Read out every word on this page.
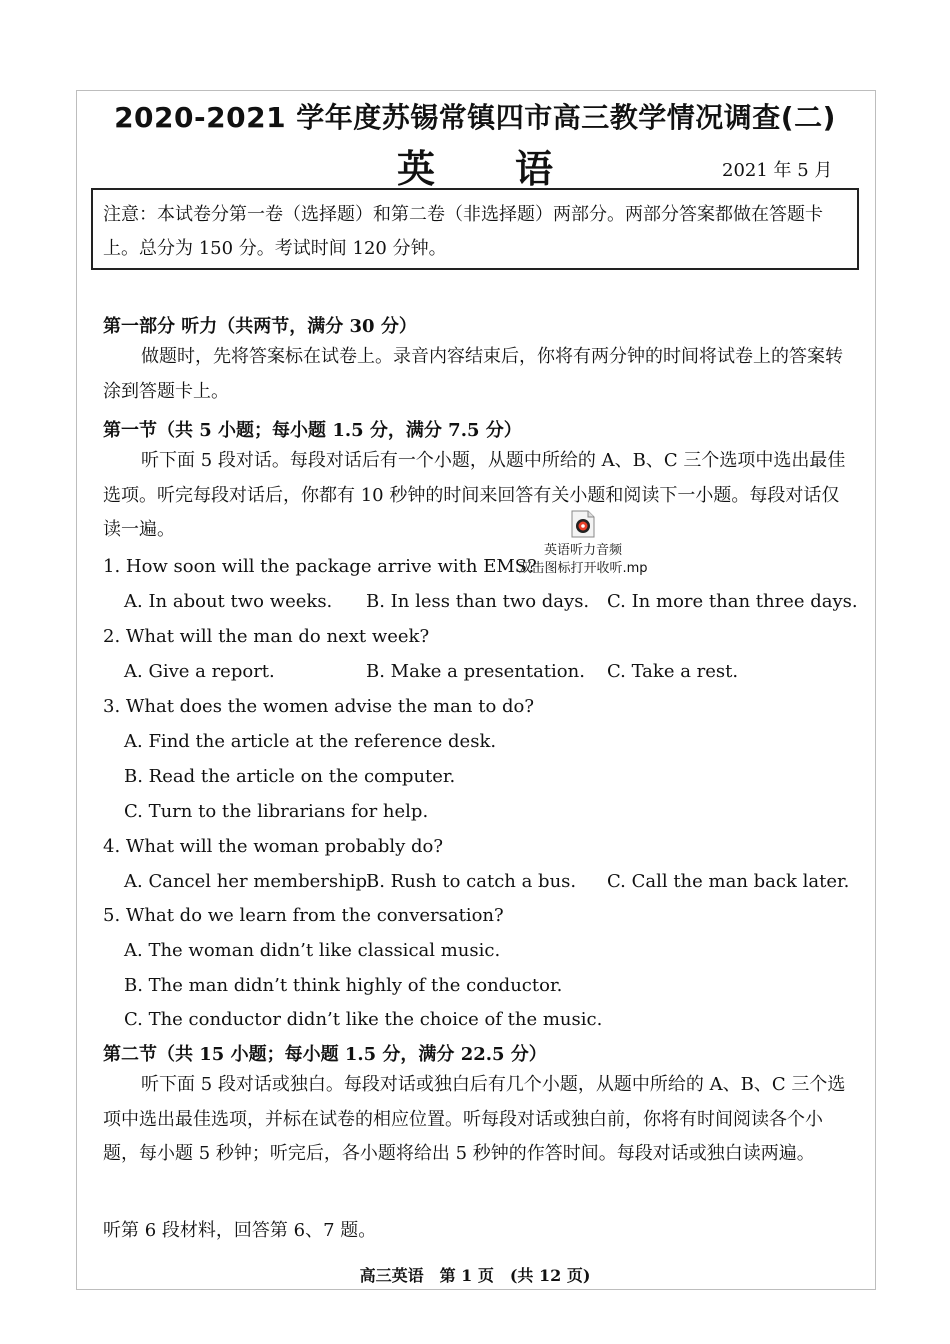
2020-2021 学年度苏锡常镇四市高三教学情况调查(二)
英语	2021 年 5 月
注意：本试卷分第一卷（选择题）和第二卷（非选择题）两部分。两部分答案都做在答题卡上。总分为 150 分。考试时间 120 分钟。
第一部分 听力（共两节，满分 30 分）
做题时，先将答案标在试卷上。录音内容结束后，你将有两分钟的时间将试卷上的答案转涂到答题卡上。
第一节（共 5 小题；每小题 1.5 分，满分 7.5 分）
听下面 5 段对话。每段对话后有一个小题，从题中所给的 A、B、C 三个选项中选出最佳选项。听完每段对话后，你都有 10 秒钟的时间来回答有关小题和阅读下一小题。每段对话仅读一遍。
英语听力音频
双击图标打开收听.mp
1. How soon will the package arrive with EMS?
A. In about two weeks. B. In less than two days. C. In more than three days.
2. What will the man do next week?
A. Give a report.	B. Make a presentation. C. Take a rest.
3. What does the women advise the man to do?
A. Find the article at the reference desk.
B. Read the article on the computer.
C. Turn to the librarians for help.
4. What will the woman probably do?
A. Cancel her membership.
B. Rush to catch a bus. C. Call the man back later.
5. What do we learn from the conversation?
A. The woman didn’t like classical music.
B. The man didn’t think highly of the conductor.
C. The conductor didn’t like the choice of the music.
第二节（共 15 小题；每小题 1.5 分，满分 22.5 分）
听下面 5 段对话或独白。每段对话或独白后有几个小题，从题中所给的 A、B、C 三个选项中选出最佳选项，并标在试卷的相应位置。听每段对话或独白前，你将有时间阅读各个小题，每小题 5 秒钟；听完后，各小题将给出 5 秒钟的作答时间。每段对话或独白读两遍。
听第 6 段材料，回答第 6、7 题。
高三英语　第 1 页　(共 12 页)
